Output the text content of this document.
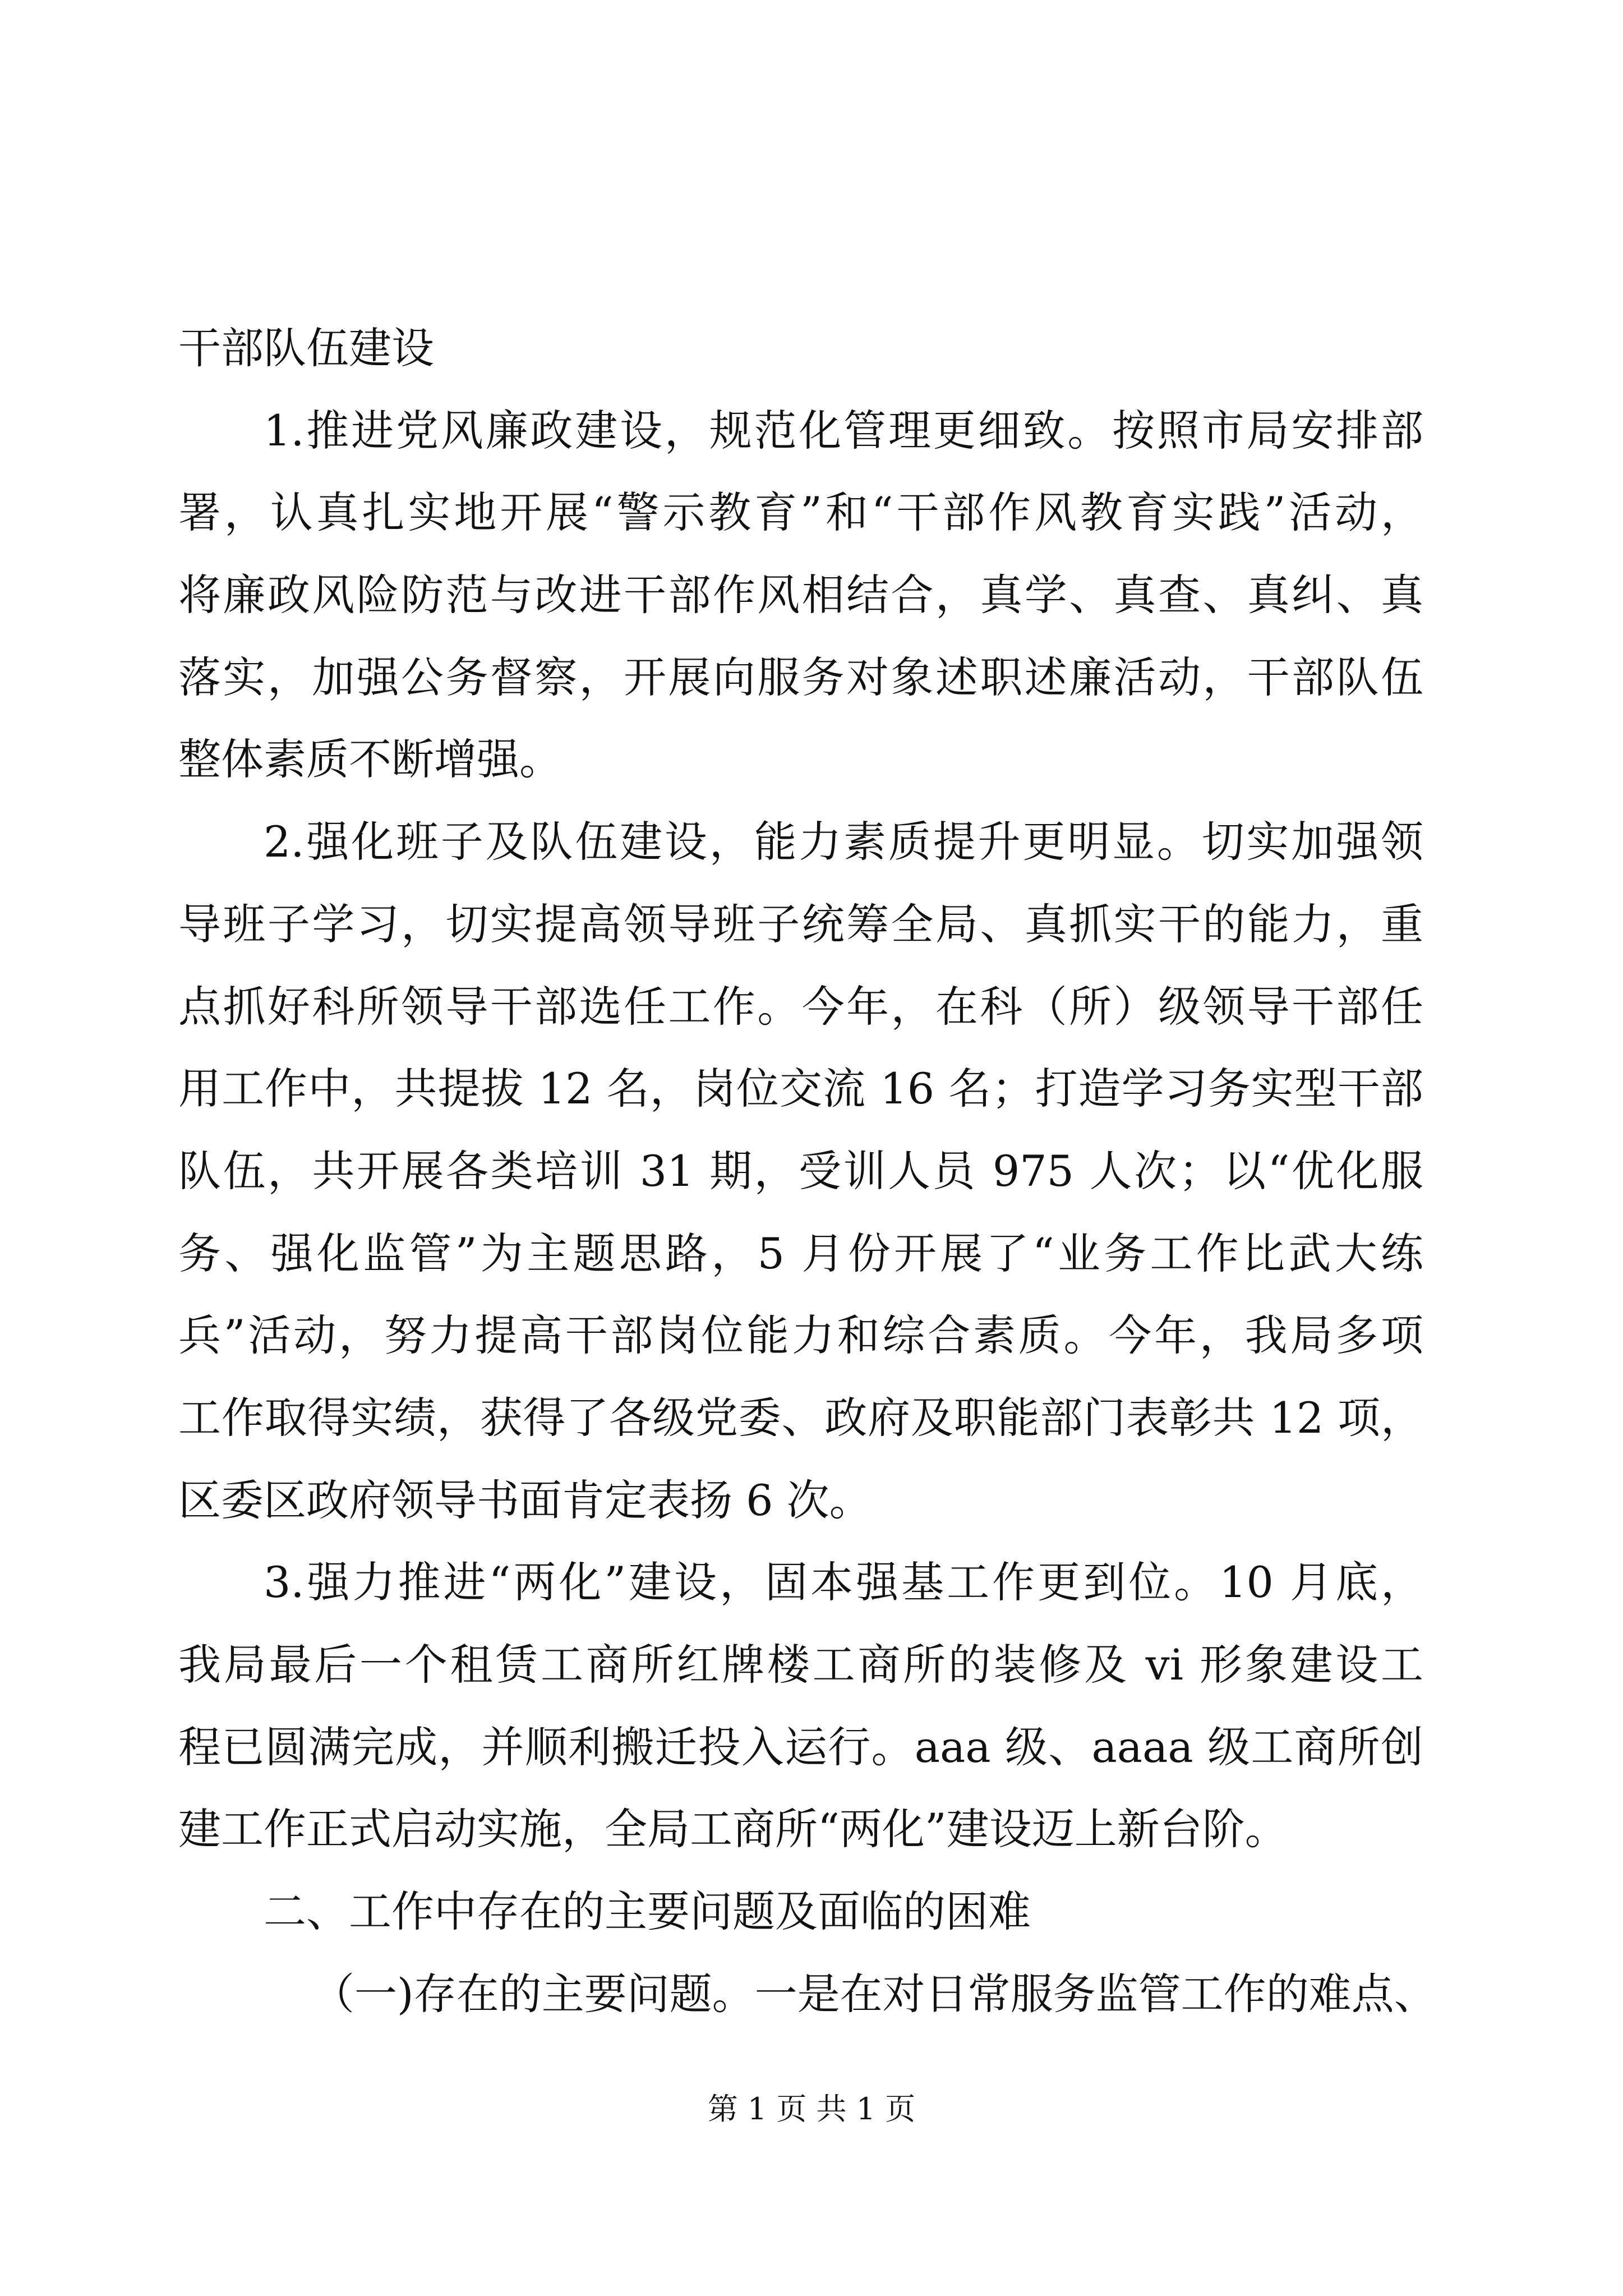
干部队伍建设
1.推进党风廉政建设，规范化管理更细致。按照市局安排部
署，认真扎实地开展“警示教育”和“干部作风教育实践”活动，
将廉政风险防范与改进干部作风相结合，真学、真查、真纠、真
落实，加强公务督察，开展向服务对象述职述廉活动，干部队伍
整体素质不断增强。
2.强化班子及队伍建设，能力素质提升更明显。切实加强领
导班子学习，切实提高领导班子统筹全局、真抓实干的能力，重
点抓好科所领导干部选任工作。今年，在科（所）级领导干部任
用工作中，共提拔 12 名，岗位交流 16 名；打造学习务实型干部
队伍，共开展各类培训 31 期，受训人员 975 人次；以“优化服
务、强化监管”为主题思路，5 月份开展了“业务工作比武大练
兵”活动，努力提高干部岗位能力和综合素质。今年，我局多项
工作取得实绩，获得了各级党委、政府及职能部门表彰共 12 项，
区委区政府领导书面肯定表扬 6 次。
3.强力推进“两化”建设，固本强基工作更到位。10 月底，
我局最后一个租赁工商所红牌楼工商所的装修及 vi 形象建设工
程已圆满完成，并顺利搬迁投入运行。aaa 级、aaaa 级工商所创
建工作正式启动实施，全局工商所“两化”建设迈上新台阶。
二、工作中存在的主要问题及面临的困难
（一)存在的主要问题。一是在对日常服务监管工作的难点、
第 1 页 共 1 页
